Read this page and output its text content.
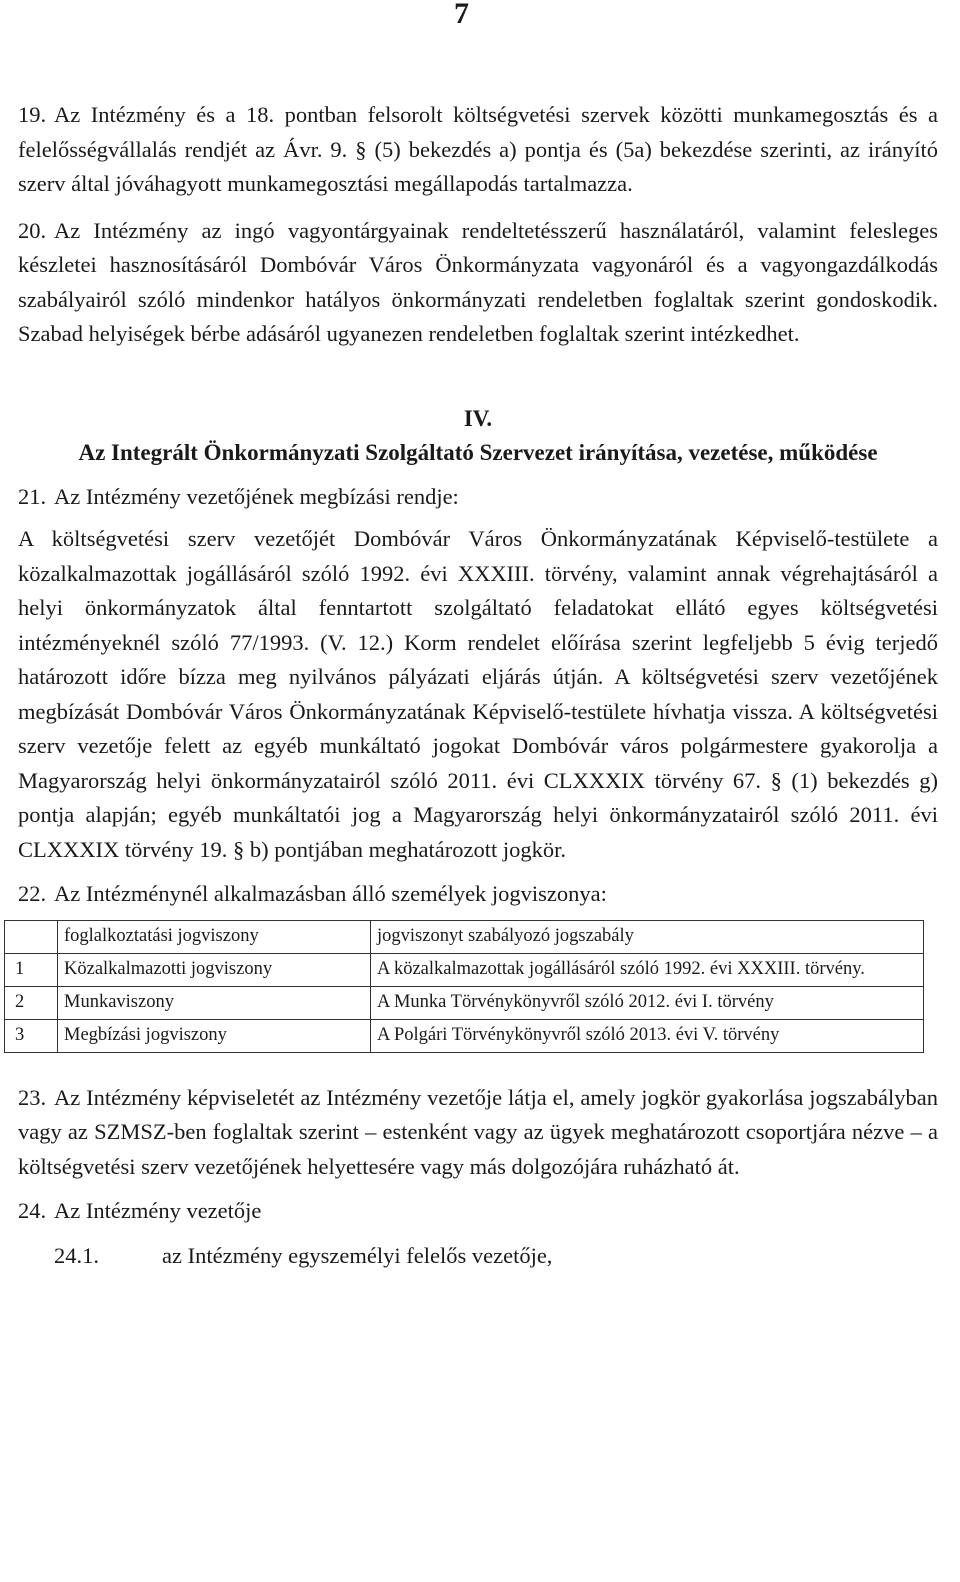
7
19. Az Intézmény és a 18. pontban felsorolt költségvetési szervek közötti munkamegosztás és a felelősségvállalás rendjét az Ávr. 9. § (5) bekezdés a) pontja és (5a) bekezdése szerinti, az irányító szerv által jóváhagyott munkamegosztási megállapodás tartalmazza.
20. Az Intézmény az ingó vagyontárgyainak rendeltetésszerű használatáról, valamint felesleges készletei hasznosításáról Dombóvár Város Önkormányzata vagyonáról és a vagyongazdálkodás szabályairól szóló mindenkor hatályos önkormányzati rendeletben foglaltak szerint gondoskodik. Szabad helyiségek bérbe adásáról ugyanezen rendeletben foglaltak szerint intézkedhet.
IV.
Az Integrált Önkormányzati Szolgáltató Szervezet irányítása, vezetése, működése
21. Az Intézmény vezetőjének megbízási rendje:
A költségvetési szerv vezetőjét Dombóvár Város Önkormányzatának Képviselő-testülete a közalkalmazottak jogállásáról szóló 1992. évi XXXIII. törvény, valamint annak végrehajtásáról a helyi önkormányzatok által fenntartott szolgáltató feladatokat ellátó egyes költségvetési intézményeknél szóló 77/1993. (V. 12.) Korm rendelet előírása szerint legfeljebb 5 évig terjedő határozott időre bízza meg nyilvános pályázati eljárás útján. A költségvetési szerv vezetőjének megbízását Dombóvár Város Önkormányzatának Képviselő-testülete hívhatja vissza. A költségvetési szerv vezetője felett az egyéb munkáltató jogokat Dombóvár város polgármestere gyakorolja a Magyarország helyi önkormányzatairól szóló 2011. évi CLXXXIX törvény 67. § (1) bekezdés g) pontja alapján; egyéb munkáltatói jog a Magyarország helyi önkormányzatairól szóló 2011. évi CLXXXIX törvény 19. § b) pontjában meghatározott jogkör.
22. Az Intézménynél alkalmazásban álló személyek jogviszonya:
	foglalkoztatási jogviszony	jogviszonyt szabályozó jogszabály
1	Közalkalmazotti jogviszony	A közalkalmazottak jogállásáról szóló 1992. évi XXXIII. törvény.
2	Munkaviszony	A Munka Törvénykönyvről szóló 2012. évi I. törvény
3	Megbízási jogviszony	A Polgári Törvénykönyvről szóló 2013. évi V. törvény
23. Az Intézmény képviseletét az Intézmény vezetője látja el, amely jogkör gyakorlása jogszabályban vagy az SZMSZ-ben foglaltak szerint – estenként vagy az ügyek meghatározott csoportjára nézve – a költségvetési szerv vezetőjének helyettesére vagy más dolgozójára ruházható át.
24. Az Intézmény vezetője
24.1.	az Intézmény egyszemélyi felelős vezetője,
